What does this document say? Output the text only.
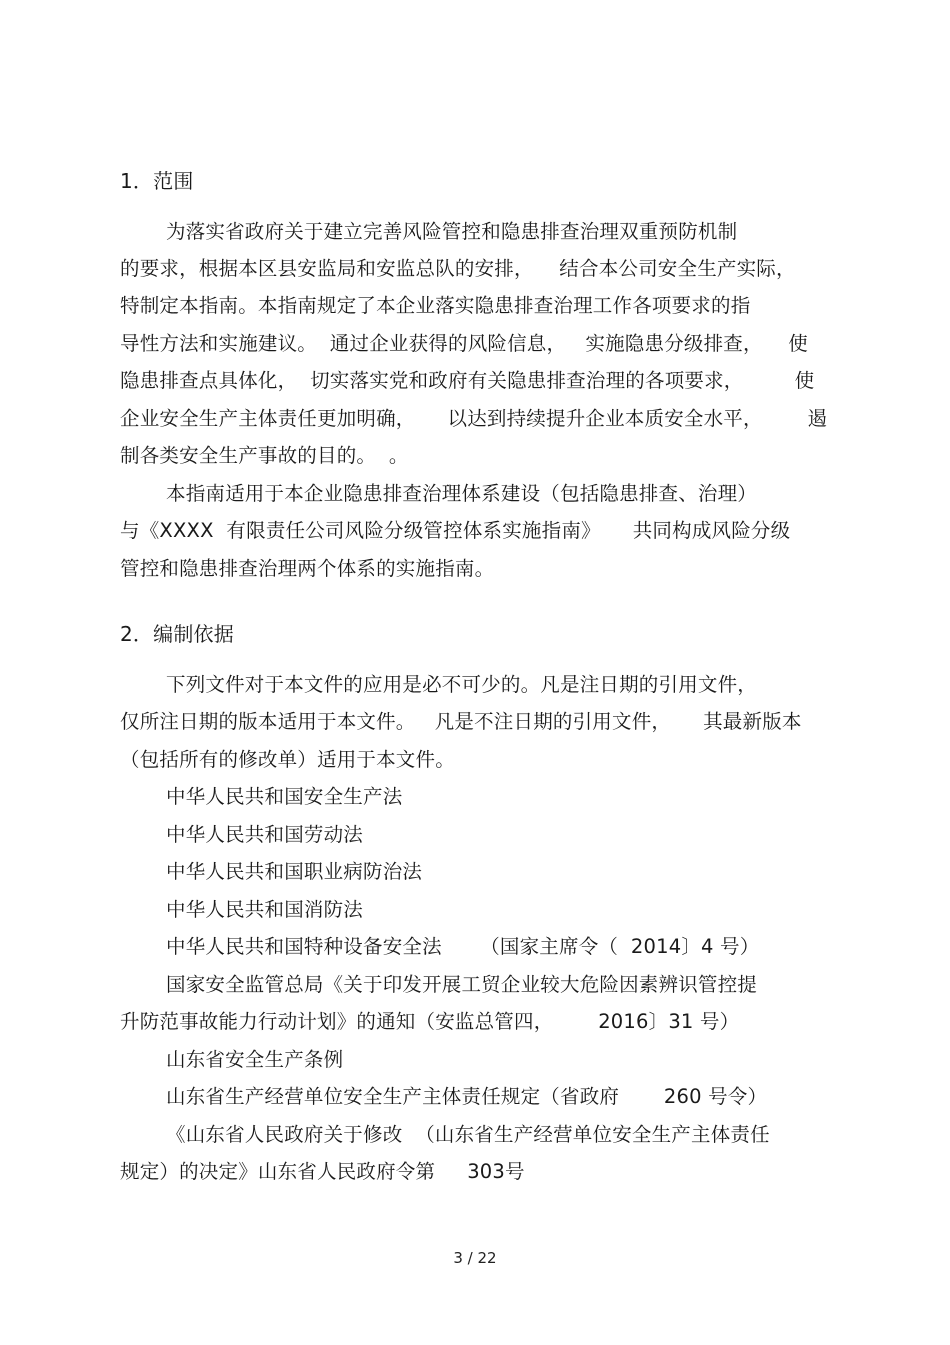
1．范围
为落实省政府关于建立完善风险管控和隐患排查治理双重预防机制
的要求，根据本区县安监局和安监总队的安排，    结合本公司安全生产实际，
特制定本指南。本指南规定了本企业落实隐患排查治理工作各项要求的指
导性方法和实施建议。  通过企业获得的风险信息，   实施隐患分级排查，    使
隐患排查点具体化，  切实落实党和政府有关隐患排查治理的各项要求，        使
企业安全生产主体责任更加明确，     以达到持续提升企业本质安全水平，       遏
制各类安全生产事故的目的。  。
本指南适用于本企业隐患排查治理体系建设（包括隐患排查、治理）
与《XXXX  有限责任公司风险分级管控体系实施指南》     共同构成风险分级
管控和隐患排查治理两个体系的实施指南。
2．编制依据
下列文件对于本文件的应用是必不可少的。凡是注日期的引用文件，
仅所注日期的版本适用于本文件。   凡是不注日期的引用文件，     其最新版本
（包括所有的修改单）适用于本文件。
中华人民共和国安全生产法
中华人民共和国劳动法
中华人民共和国职业病防治法
中华人民共和国消防法
中华人民共和国特种设备安全法      （国家主席令（  2014〕4 号）
国家安全监管总局《关于印发开展工贸企业较大危险因素辨识管控提
升防范事故能力行动计划》的通知（安监总管四，       2016〕31 号）
山东省安全生产条例
山东省生产经营单位安全生产主体责任规定（省政府       260 号令）
《山东省人民政府关于修改  （山东省生产经营单位安全生产主体责任
规定）的决定》山东省人民政府令第     303号
3 / 22
